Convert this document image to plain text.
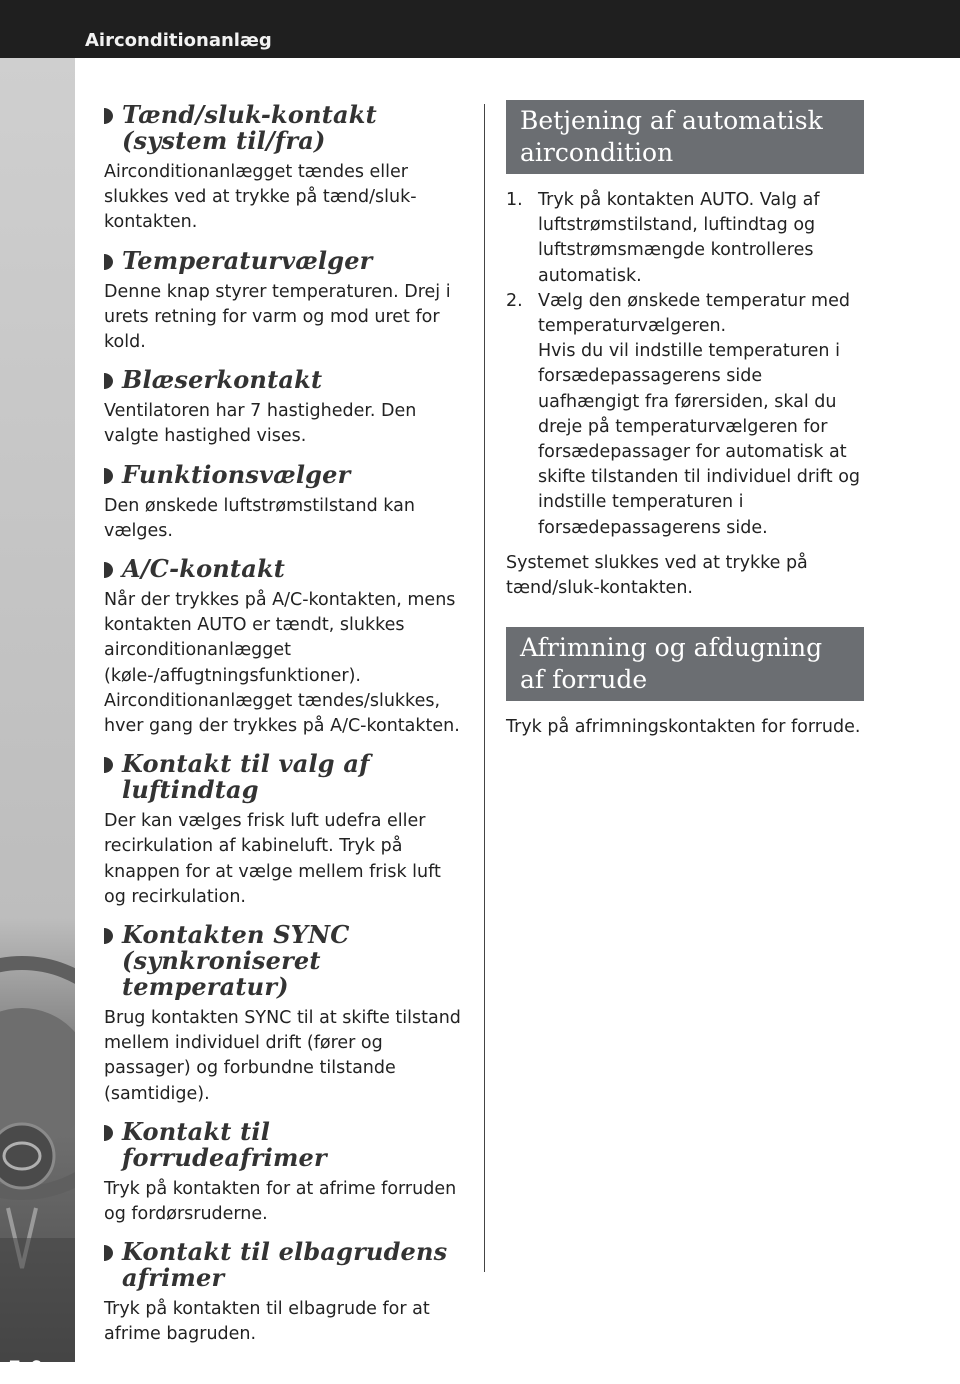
Airconditionanlæg
5-6
Tænd/sluk-kontakt (system til/fra)

Airconditionanlægget tændes eller slukkes ved at trykke på tænd/sluk-kontakten.

Temperaturvælger

Denne knap styrer temperaturen. Drej i urets retning for varm og mod uret for kold.

Blæserkontakt

Ventilatoren har 7 hastigheder. Den valgte hastighed vises.

Funktionsvælger

Den ønskede luftstrømstilstand kan vælges.

A/C-kontakt

Når der trykkes på A/C-kontakten, mens kontakten AUTO er tændt, slukkes airconditionanlægget (køle-/affugtningsfunktioner).
Airconditionanlægget tændes/slukkes, hver gang der trykkes på A/C-kontakten.

Kontakt til valg af luftindtag

Der kan vælges frisk luft udefra eller recirkulation af kabineluft. Tryk på knappen for at vælge mellem frisk luft og recirkulation.

Kontakten SYNC (synkroniseret temperatur)

Brug kontakten SYNC til at skifte tilstand mellem individuel drift (fører og passager) og forbundne tilstande (samtidige).

Kontakt til forrudeafrimer

Tryk på kontakten for at afrime forruden og fordørsruderne.

Kontakt til elbagrudens afrimer

Tryk på kontakten til elbagrude for at afrime bagruden.

Betjening af automatisk aircondition
1. Tryk på kontakten AUTO. Valg af luftstrømstilstand, luftindtag og luftstrømsmængde kontrolleres automatisk.
2. Vælg den ønskede temperatur med temperaturvælgeren.
Hvis du vil indstille temperaturen i forsædepassagerens side uafhængigt fra førersiden, skal du dreje på temperaturvælgeren for forsædepassager for automatisk at skifte tilstanden til individuel drift og indstille temperaturen i forsædepassagerens side.

Systemet slukkes ved at trykke på tænd/sluk-kontakten.

Afrimning og afdugning af forrude

Tryk på afrimningskontakten for forrude.
